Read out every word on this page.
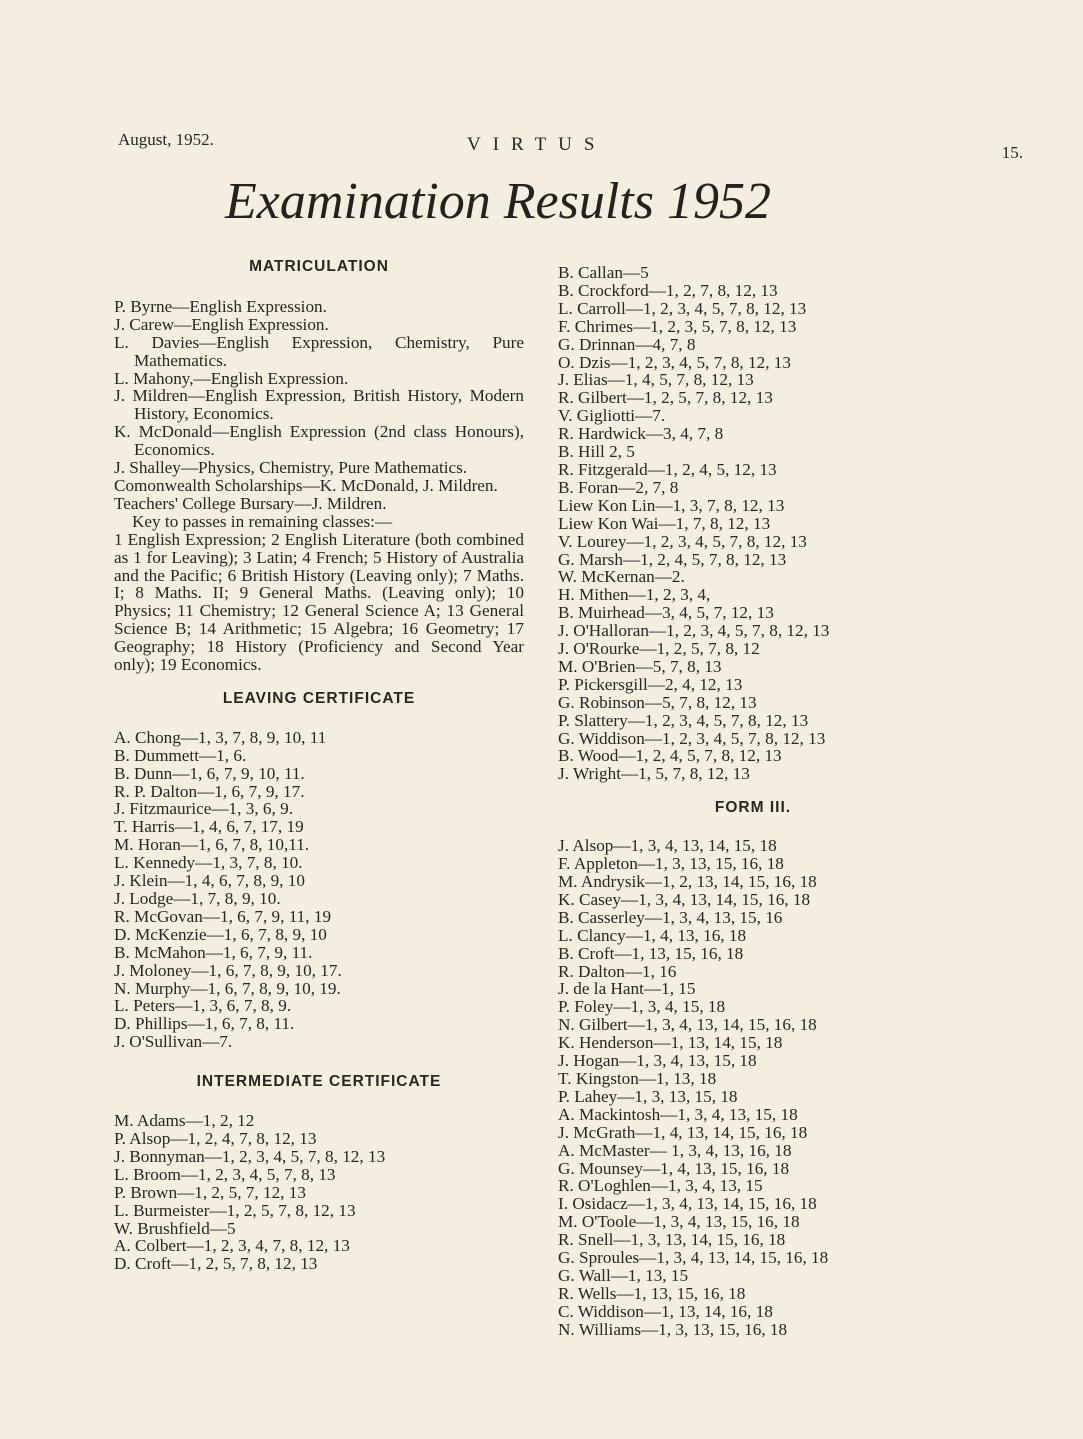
August, 1952.	VIRTUS	15.
Examination Results 1952
MATRICULATION
P. Byrne—English Expression.
J. Carew—English Expression.
L. Davies—English Expression, Chemistry, Pure Mathematics.
L. Mahony,—English Expression.
J. Mildren—English Expression, British History, Modern History, Economics.
K. McDonald—English Expression (2nd class Honours), Economics.
J. Shalley—Physics, Chemistry, Pure Mathematics.
Comonwealth Scholarships—K. McDonald, J. Mildren.
Teachers' College Bursary—J. Mildren.
Key to passes in remaining classes:—
1 English Expression; 2 English Literature (both combined as 1 for Leaving); 3 Latin; 4 French; 5 History of Australia and the Pacific; 6 British History (Leaving only); 7 Maths. I; 8 Maths. II; 9 General Maths. (Leaving only); 10 Physics; 11 Chemistry; 12 General Science A; 13 General Science B; 14 Arithmetic; 15 Algebra; 16 Geometry; 17 Geography; 18 History (Proficiency and Second Year only); 19 Economics.
LEAVING CERTIFICATE
A. Chong—1, 3, 7, 8, 9, 10, 11
B. Dummett—1, 6.
B. Dunn—1, 6, 7, 9, 10, 11.
R. P. Dalton—1, 6, 7, 9, 17.
J. Fitzmaurice—1, 3, 6, 9.
T. Harris—1, 4, 6, 7, 17, 19
M. Horan—1, 6, 7, 8, 10,11.
L. Kennedy—1, 3, 7, 8, 10.
J. Klein—1, 4, 6, 7, 8, 9, 10
J. Lodge—1, 7, 8, 9, 10.
R. McGovan—1, 6, 7, 9, 11, 19
D. McKenzie—1, 6, 7, 8, 9, 10
B. McMahon—1, 6, 7, 9, 11.
J. Moloney—1, 6, 7, 8, 9, 10, 17.
N. Murphy—1, 6, 7, 8, 9, 10, 19.
L. Peters—1, 3, 6, 7, 8, 9.
D. Phillips—1, 6, 7, 8, 11.
J. O'Sullivan—7.
INTERMEDIATE CERTIFICATE
M. Adams—1, 2, 12
P. Alsop—1, 2, 4, 7, 8, 12, 13
J. Bonnyman—1, 2, 3, 4, 5, 7, 8, 12, 13
L. Broom—1, 2, 3, 4, 5, 7, 8, 13
P. Brown—1, 2, 5, 7, 12, 13
L. Burmeister—1, 2, 5, 7, 8, 12, 13
W. Brushfield—5
A. Colbert—1, 2, 3, 4, 7, 8, 12, 13
D. Croft—1, 2, 5, 7, 8, 12, 13
B. Callan—5
B. Crockford—1, 2, 7, 8, 12, 13
L. Carroll—1, 2, 3, 4, 5, 7, 8, 12, 13
F. Chrimes—1, 2, 3, 5, 7, 8, 12, 13
G. Drinnan—4, 7, 8
O. Dzis—1, 2, 3, 4, 5, 7, 8, 12, 13
J. Elias—1, 4, 5, 7, 8, 12, 13
R. Gilbert—1, 2, 5, 7, 8, 12, 13
V. Gigliotti—7.
R. Hardwick—3, 4, 7, 8
B. Hill 2, 5
R. Fitzgerald—1, 2, 4, 5, 12, 13
B. Foran—2, 7, 8
Liew Kon Lin—1, 3, 7, 8, 12, 13
Liew Kon Wai—1, 7, 8, 12, 13
V. Lourey—1, 2, 3, 4, 5, 7, 8, 12, 13
G. Marsh—1, 2, 4, 5, 7, 8, 12, 13
W. McKernan—2.
H. Mithen—1, 2, 3, 4,
B. Muirhead—3, 4, 5, 7, 12, 13
J. O'Halloran—1, 2, 3, 4, 5, 7, 8, 12, 13
J. O'Rourke—1, 2, 5, 7, 8, 12
M. O'Brien—5, 7, 8, 13
P. Pickersgill—2, 4, 12, 13
G. Robinson—5, 7, 8, 12, 13
P. Slattery—1, 2, 3, 4, 5, 7, 8, 12, 13
G. Widdison—1, 2, 3, 4, 5, 7, 8, 12, 13
B. Wood—1, 2, 4, 5, 7, 8, 12, 13
J. Wright—1, 5, 7, 8, 12, 13
FORM III.
J. Alsop—1, 3, 4, 13, 14, 15, 18
F. Appleton—1, 3, 13, 15, 16, 18
M. Andrysik—1, 2, 13, 14, 15, 16, 18
K. Casey—1, 3, 4, 13, 14, 15, 16, 18
B. Casserley—1, 3, 4, 13, 15, 16
L. Clancy—1, 4, 13, 16, 18
B. Croft—1, 13, 15, 16, 18
R. Dalton—1, 16
J. de la Hant—1, 15
P. Foley—1, 3, 4, 15, 18
N. Gilbert—1, 3, 4, 13, 14, 15, 16, 18
K. Henderson—1, 13, 14, 15, 18
J. Hogan—1, 3, 4, 13, 15, 18
T. Kingston—1, 13, 18
P. Lahey—1, 3, 13, 15, 18
A. Mackintosh—1, 3, 4, 13, 15, 18
J. McGrath—1, 4, 13, 14, 15, 16, 18
A. McMaster— 1, 3, 4, 13, 16, 18
G. Mounsey—1, 4, 13, 15, 16, 18
R. O'Loghlen—1, 3, 4, 13, 15
I. Osidacz—1, 3, 4, 13, 14, 15, 16, 18
M. O'Toole—1, 3, 4, 13, 15, 16, 18
R. Snell—1, 3, 13, 14, 15, 16, 18
G. Sproules—1, 3, 4, 13, 14, 15, 16, 18
G. Wall—1, 13, 15
R. Wells—1, 13, 15, 16, 18
C. Widdison—1, 13, 14, 16, 18
N. Williams—1, 3, 13, 15, 16, 18
